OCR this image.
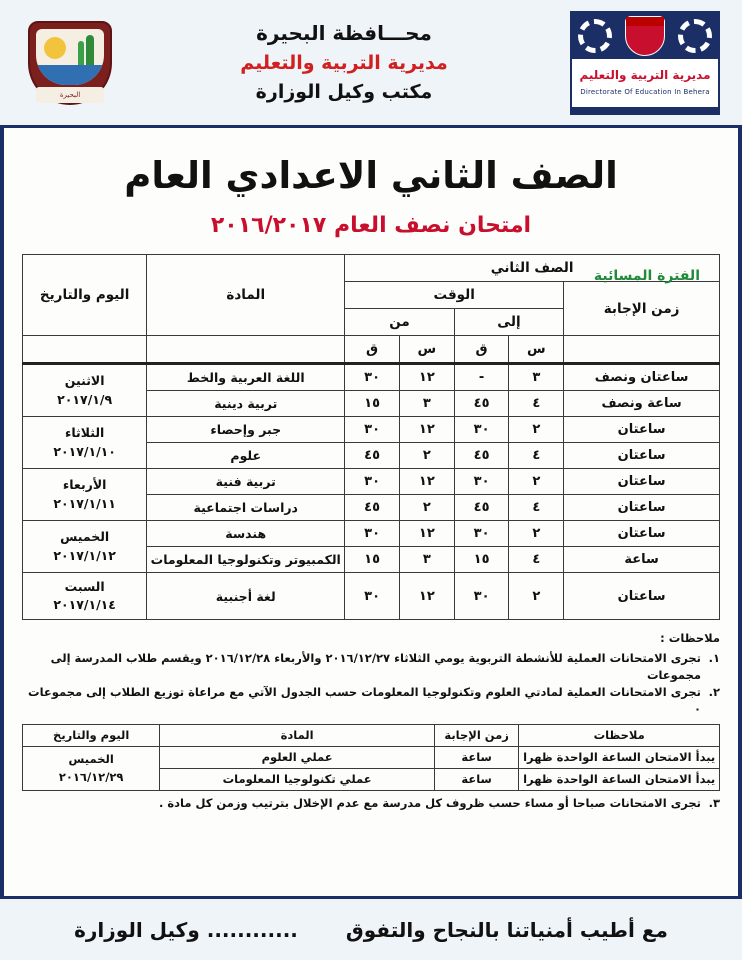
مديرية التربية والتعليم
Directorate Of Education In Behera
محـــافظة البحيرة
مديرية التربية والتعليم
مكتب وكيل الوزارة
البحيرة
الصف الثاني الاعدادي العام
امتحان نصف العام ٢٠١٦/٢٠١٧
الفترة المسائية
الصف الثاني					المادة	اليوم والتاريخ
زمن الإجابة	الوقت					
	إلى		من			
	س	ق	س	ق		
ساعتان ونصف	٣	-	١٢	٣٠	اللغة العربية والخط	الاثنين
٢٠١٧/١/٩

ساعة ونصف	٤	٤٥	٣	١٥	تربية دينية	
ساعتان	٢	٣٠	١٢	٣٠	جبر وإحصاء	الثلاثاء
٢٠١٧/١/١٠

ساعتان	٤	٤٥	٢	٤٥	علوم	
ساعتان	٢	٣٠	١٢	٣٠	تربية فنية	الأربعاء
٢٠١٧/١/١١

ساعتان	٤	٤٥	٢	٤٥	دراسات اجتماعية	
ساعتان	٢	٣٠	١٢	٣٠	هندسة	الخميس
٢٠١٧/١/١٢

ساعة	٤	١٥	٣	١٥	الكمبيوتر وتكنولوجيا المعلومات	
ساعتان	٢	٣٠	١٢	٣٠	لغة أجنبية	السبت
٢٠١٧/١/١٤
ملاحظات :
١.
تجرى الامتحانات العملية للأنشطة التربوية يومي الثلاثاء ٢٠١٦/١٢/٢٧ والأربعاء ٢٠١٦/١٢/٢٨ ويقسم طلاب المدرسة إلى مجموعات
٢.
تجرى الامتحانات العملية لمادتي العلوم وتكنولوجيا المعلومات حسب الجدول الآتي مع مراعاة توزيع الطلاب إلى مجموعات ٠
ملاحظات	زمن الإجابة	المادة	اليوم والتاريخ
يبدأ الامتحان الساعة الواحدة ظهرا	ساعة	عملي العلوم	الخميس
٢٠١٦/١٢/٢٩

يبدأ الامتحان الساعة الواحدة ظهرا	ساعة	عملي تكنولوجيا المعلومات	
٣.
تجرى الامتحانات صباحا أو مساء حسب ظروف كل مدرسة مع عدم الإخلال بترتيب وزمن كل مادة .
مع أطيب أمنياتنا بالنجاح والتفوق
............ وكيل الوزارة
